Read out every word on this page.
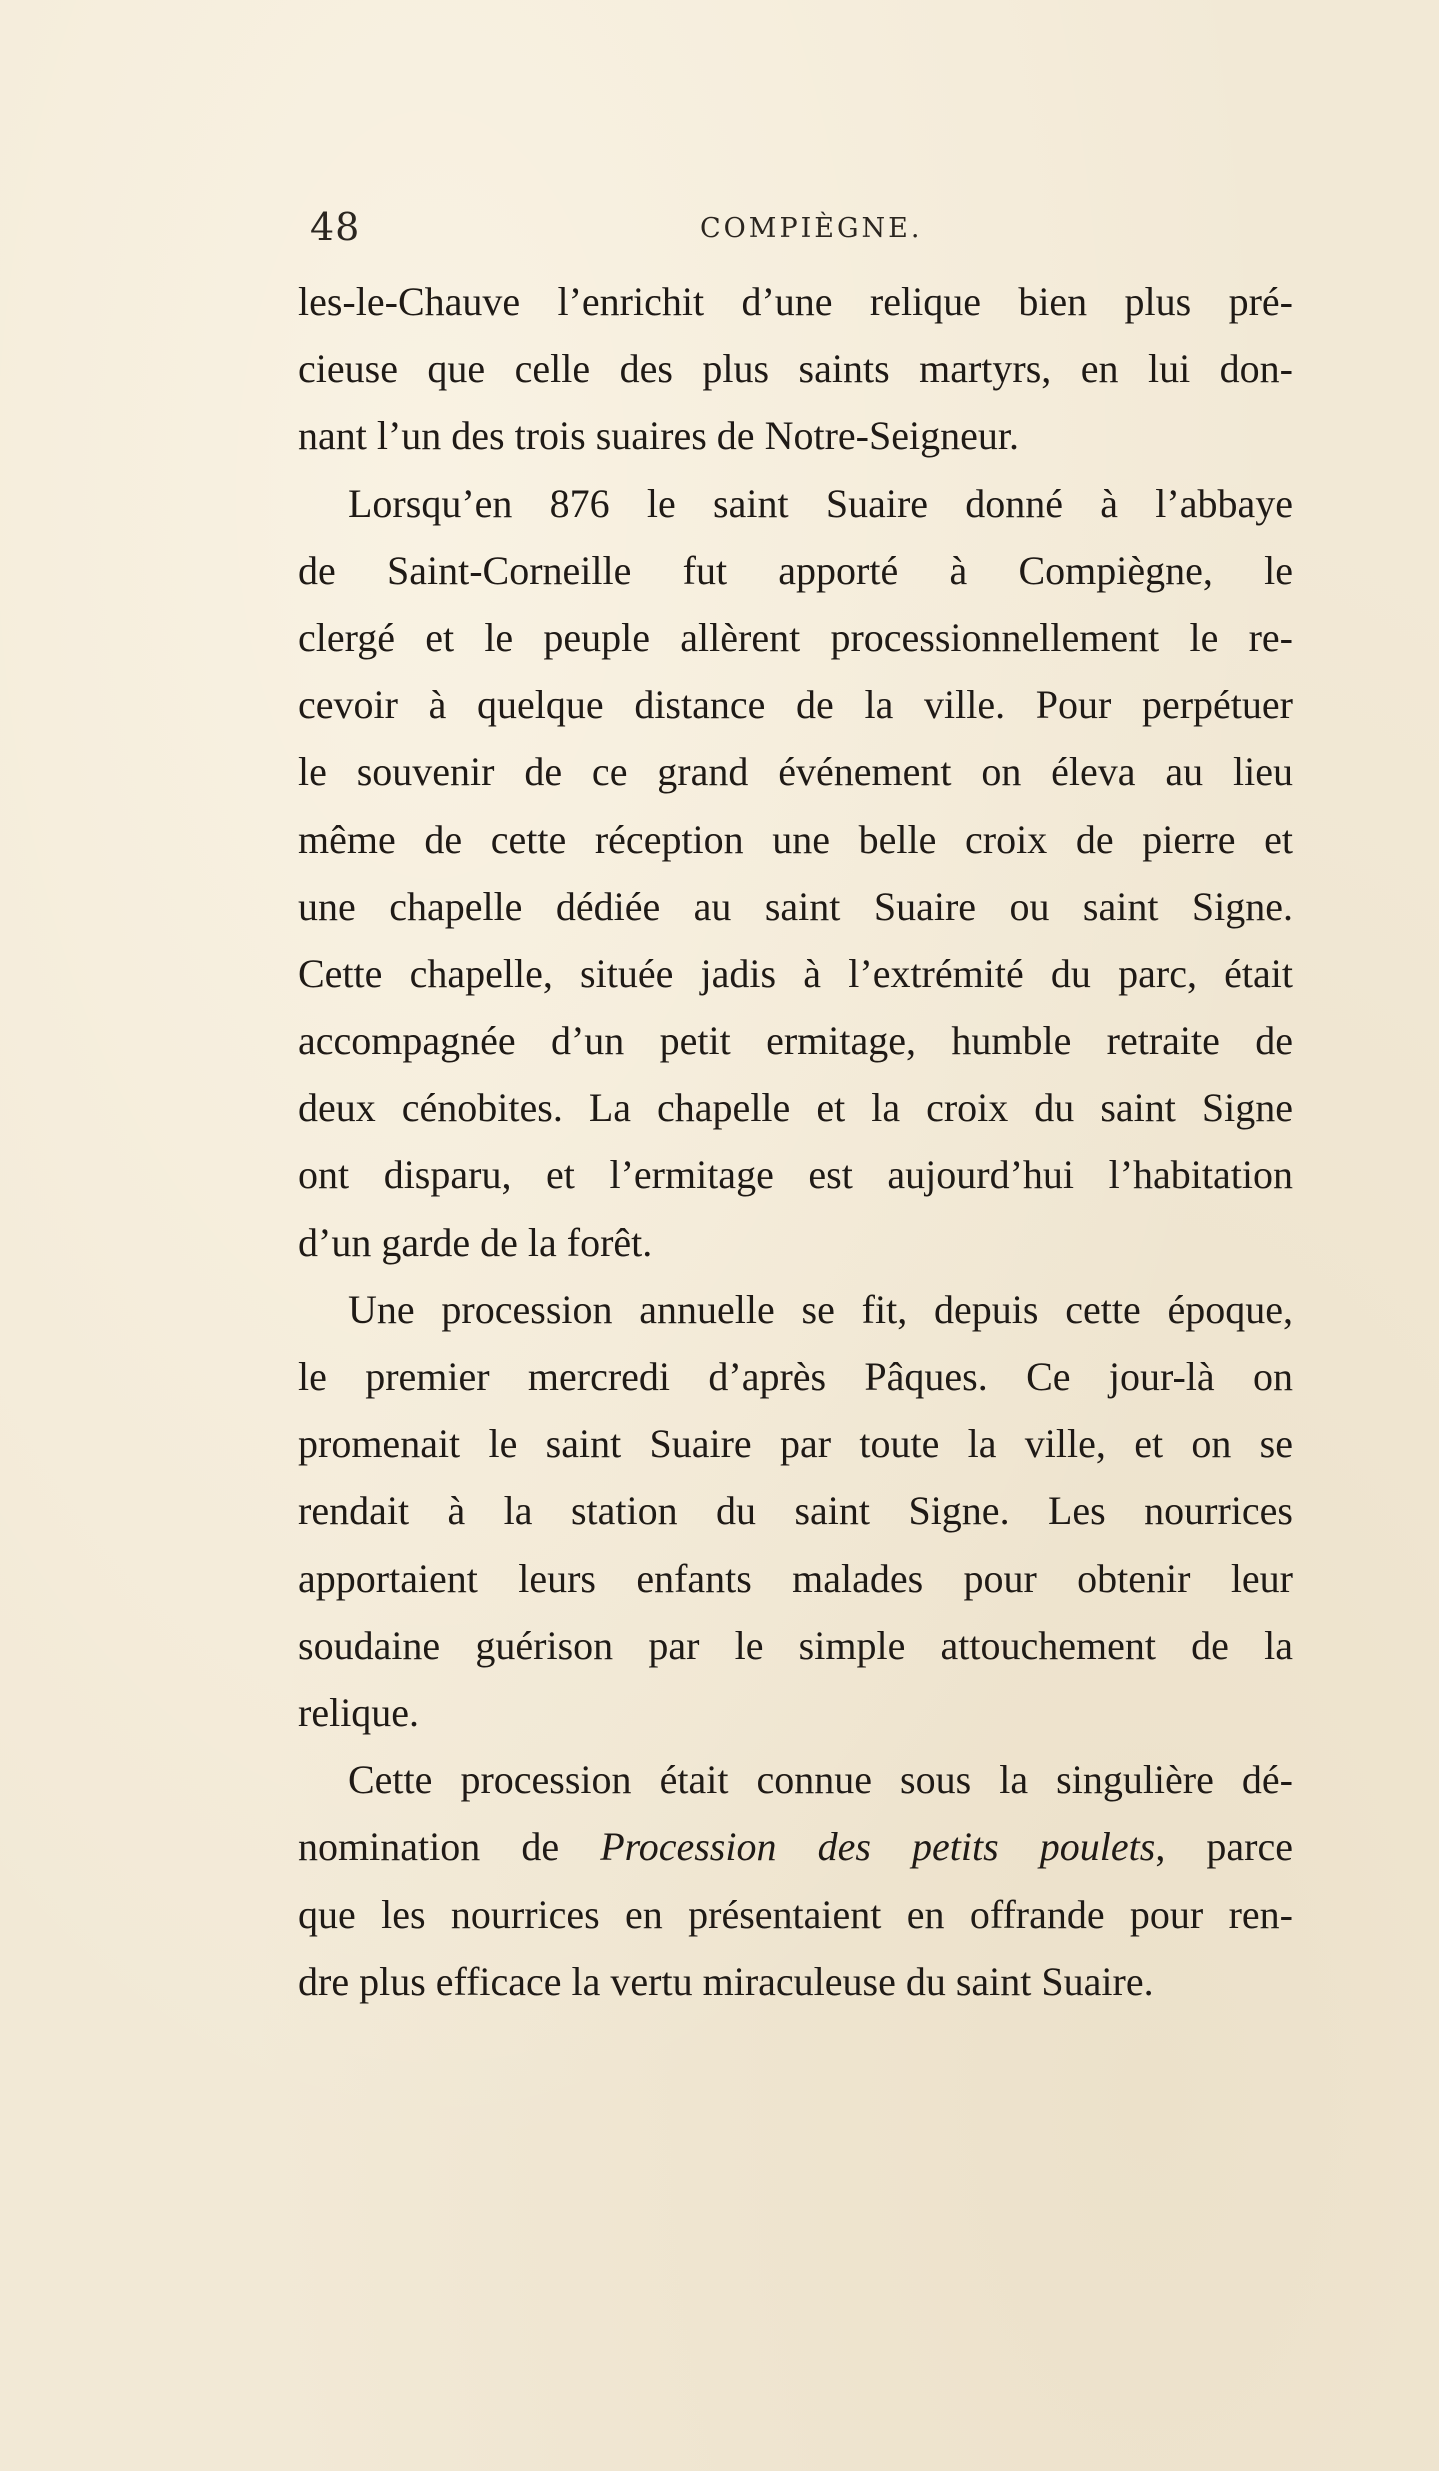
48	COMPIÈGNE.
les-le-Chauve l’enrichit d’une relique bien plus pré-
cieuse que celle des plus saints martyrs, en lui don-
nant l’un des trois suaires de Notre-Seigneur.
Lorsqu’en 876 le saint Suaire donné à l’abbaye
de Saint-Corneille fut apporté à Compiègne, le
clergé et le peuple allèrent processionnellement le re-
cevoir à quelque distance de la ville. Pour perpétuer
le souvenir de ce grand événement on éleva au lieu
même de cette réception une belle croix de pierre et
une chapelle dédiée au saint Suaire ou saint Signe.
Cette chapelle, située jadis à l’extrémité du parc, était
accompagnée d’un petit ermitage, humble retraite de
deux cénobites. La chapelle et la croix du saint Signe
ont disparu, et l’ermitage est aujourd’hui l’habitation
d’un garde de la forêt.
Une procession annuelle se fit, depuis cette époque,
le premier mercredi d’après Pâques. Ce jour-là on
promenait le saint Suaire par toute la ville, et on se
rendait à la station du saint Signe. Les nourrices
apportaient leurs enfants malades pour obtenir leur
soudaine guérison par le simple attouchement de la
relique.
Cette procession était connue sous la singulière dé-
nomination de Procession des petits poulets, parce
que les nourrices en présentaient en offrande pour ren-
dre plus efficace la vertu miraculeuse du saint Suaire.
